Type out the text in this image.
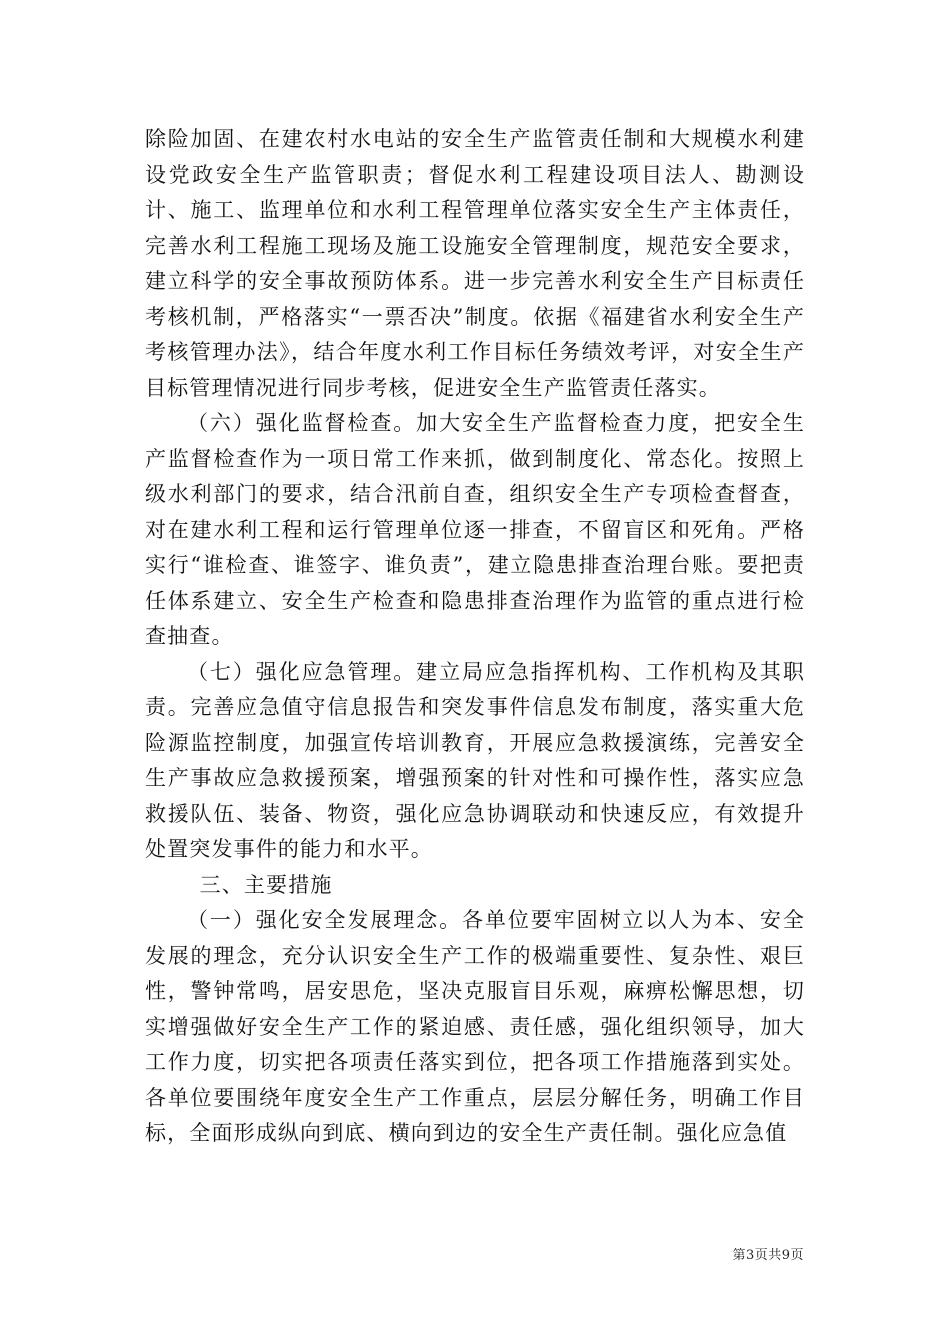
除险加固、在建农村水电站的安全生产监管责任制和大规模水利建设党政安全生产监管职责；督促水利工程建设项目法人、勘测设计、施工、监理单位和水利工程管理单位落实安全生产主体责任，完善水利工程施工现场及施工设施安全管理制度，规范安全要求，建立科学的安全事故预防体系。进一步完善水利安全生产目标责任考核机制，严格落实“一票否决”制度。依据《福建省水利安全生产考核管理办法》，结合年度水利工作目标任务绩效考评，对安全生产目标管理情况进行同步考核，促进安全生产监管责任落实。

（六）强化监督检查。加大安全生产监督检查力度，把安全生产监督检查作为一项日常工作来抓，做到制度化、常态化。按照上级水利部门的要求，结合汛前自查，组织安全生产专项检查督查，对在建水利工程和运行管理单位逐一排查，不留盲区和死角。严格实行“谁检查、谁签字、谁负责”，建立隐患排查治理台账。要把责任体系建立、安全生产检查和隐患排查治理作为监管的重点进行检查抽查。

（七）强化应急管理。建立局应急指挥机构、工作机构及其职责。完善应急值守信息报告和突发事件信息发布制度，落实重大危险源监控制度，加强宣传培训教育，开展应急救援演练，完善安全生产事故应急救援预案，增强预案的针对性和可操作性，落实应急救援队伍、装备、物资，强化应急协调联动和快速反应，有效提升处置突发事件的能力和水平。

三、主要措施

（一）强化安全发展理念。各单位要牢固树立以人为本、安全发展的理念，充分认识安全生产工作的极端重要性、复杂性、艰巨性，警钟常鸣，居安思危，坚决克服盲目乐观，麻痹松懈思想，切实增强做好安全生产工作的紧迫感、责任感，强化组织领导，加大工作力度，切实把各项责任落实到位，把各项工作措施落到实处。各单位要围绕年度安全生产工作重点，层层分解任务，明确工作目标，全面形成纵向到底、横向到边的安全生产责任制。强化应急值

第3页共9页
